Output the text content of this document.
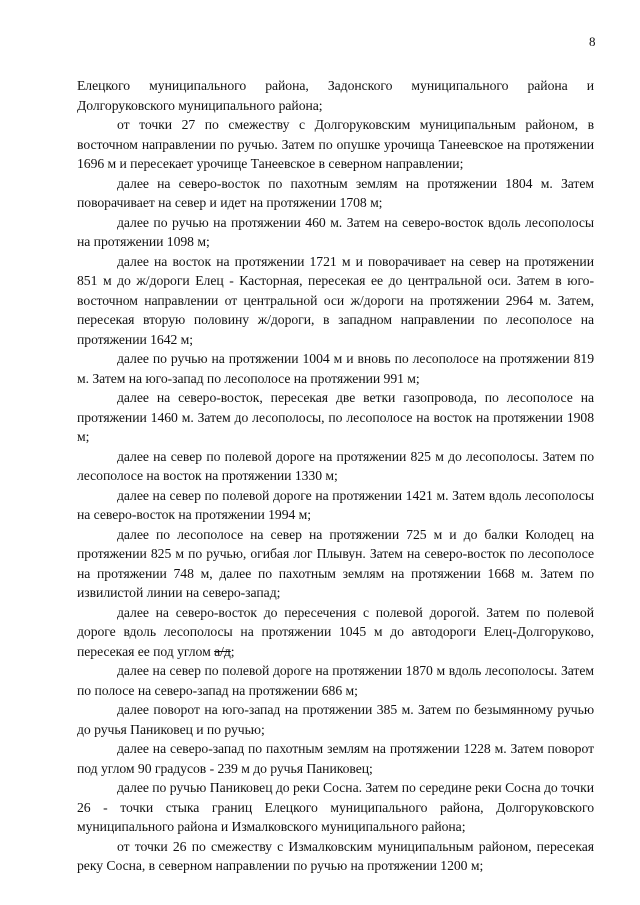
8

Елецкого муниципального района, Задонского муниципального района и Долгоруковского муниципального района;

от точки 27 по смежеству с Долгоруковским муниципальным районом, в восточном направлении по ручью. Затем по опушке урочища Танеевское на протяжении 1696 м и пересекает урочище Танеевское в северном направлении;

далее на северо-восток по пахотным землям на протяжении 1804 м. Затем поворачивает на север и идет на протяжении 1708 м;

далее по ручью на протяжении 460 м. Затем на северо-восток вдоль лесополосы на протяжении 1098 м;

далее на восток на протяжении 1721 м и поворачивает на север на протяжении 851 м до ж/дороги Елец - Касторная, пересекая ее до центральной оси. Затем в юго-восточном направлении от центральной оси ж/дороги на протяжении 2964 м. Затем, пересекая вторую половину ж/дороги, в западном направлении по лесополосе на протяжении 1642 м;

далее по ручью на протяжении 1004 м и вновь по лесополосе на протяжении 819 м. Затем на юго-запад по лесополосе на протяжении 991 м;

далее на северо-восток, пересекая две ветки газопровода, по лесополосе на протяжении 1460 м. Затем до лесополосы, по лесополосе на восток на протяжении 1908 м;

далее на север по полевой дороге на протяжении 825 м до лесополосы. Затем по лесополосе на восток на протяжении 1330 м;

далее на север по полевой дороге на протяжении 1421 м. Затем вдоль лесополосы на северо-восток на протяжении 1994 м;

далее по лесополосе на север на протяжении 725 м и до балки Колодец на протяжении 825 м по ручью, огибая лог Плывун. Затем на северо-восток по лесополосе на протяжении 748 м, далее по пахотным землям на протяжении 1668 м. Затем по извилистой линии на северо-запад;

далее на северо-восток до пересечения с полевой дорогой. Затем по полевой дороге вдоль лесополосы на протяжении 1045 м до автодороги Елец-Долгоруково, пересекая ее под углом а/д;

далее на север по полевой дороге на протяжении 1870 м вдоль лесополосы. Затем по полосе на северо-запад на протяжении 686 м;

далее поворот на юго-запад на протяжении 385 м. Затем по безымянному ручью до ручья Паниковец и по ручью;

далее на северо-запад по пахотным землям на протяжении 1228 м. Затем поворот под углом 90 градусов - 239 м до ручья Паниковец;

далее по ручью Паниковец до реки Сосна. Затем по середине реки Сосна до точки 26 - точки стыка границ Елецкого муниципального района, Долгоруковского муниципального района и Измалковского муниципального района;

от точки 26 по смежеству с Измалковским муниципальным районом, пересекая реку Сосна, в северном направлении по ручью на протяжении 1200 м;
